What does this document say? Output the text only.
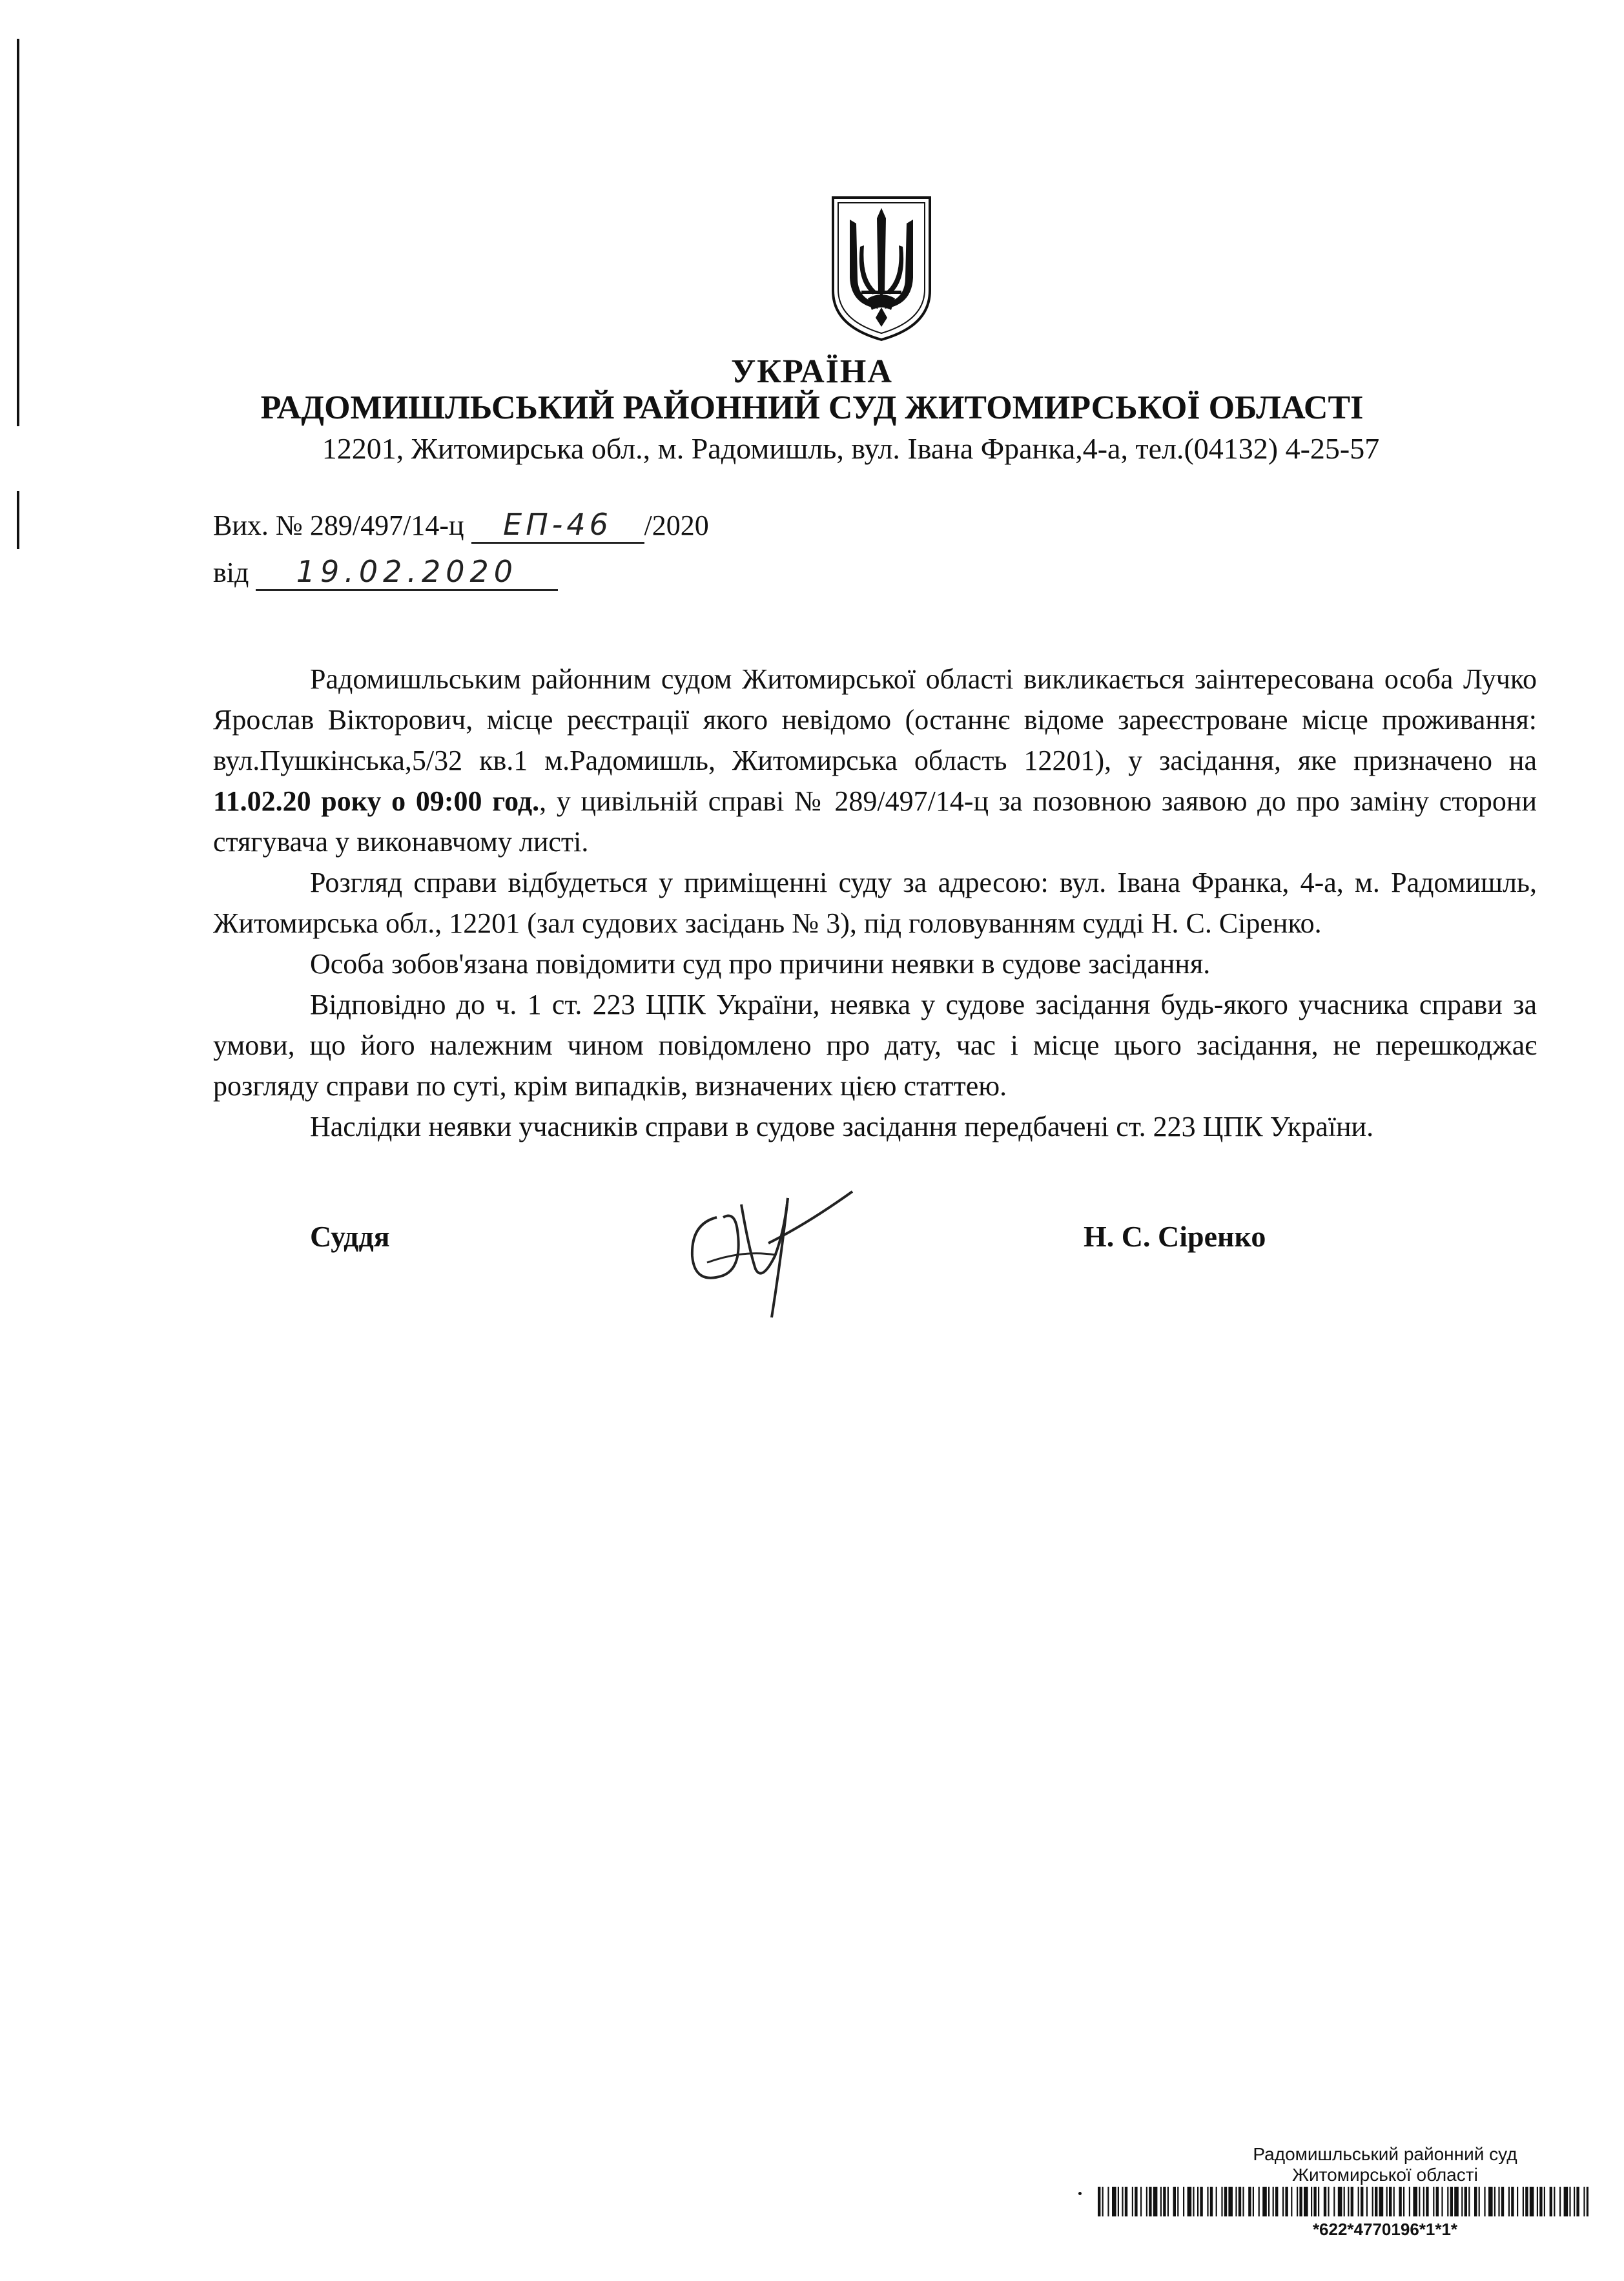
УКРАЇНА
РАДОМИШЛЬСЬКИЙ РАЙОННИЙ СУД ЖИТОМИРСЬКОЇ ОБЛАСТІ
12201, Житомирська обл., м. Радомишль, вул. Івана Франка,4-а, тел.(04132) 4-25-57
Вих. № 289/497/14-ц ЕП-46 /2020
від 19.02.2020

Радомишльським районним судом Житомирської області викликається заінтересована особа Лучко Ярослав Вікторович, місце реєстрації якого невідомо (останнє відоме зареєстроване місце проживання: вул.Пушкінська,5/32 кв.1 м.Радомишль, Житомирська область 12201), у засідання, яке призначено на 11.02.20 року о 09:00 год., у цивільній справі № 289/497/14-ц за позовною заявою до про заміну сторони стягувача у виконавчому листі.

Розгляд справи відбудеться у приміщенні суду за адресою: вул. Івана Франка, 4-а, м. Радомишль, Житомирська обл., 12201 (зал судових засідань № 3), під головуванням судді Н. С. Сіренко.

Особа зобов'язана повідомити суд про причини неявки в судове засідання.

Відповідно до ч. 1 ст. 223 ЦПК України, неявка у судове засідання будь-якого учасника справи за умови, що його належним чином повідомлено про дату, час і місце цього засідання, не перешкоджає розгляду справи по суті, крім випадків, визначених цією статтею.

Наслідки неявки учасників справи в судове засідання передбачені ст. 223 ЦПК України.

Суддя	Н. С. Сіренко
Радомишльський районний суд
Житомирської області
*622*4770196*1*1*
